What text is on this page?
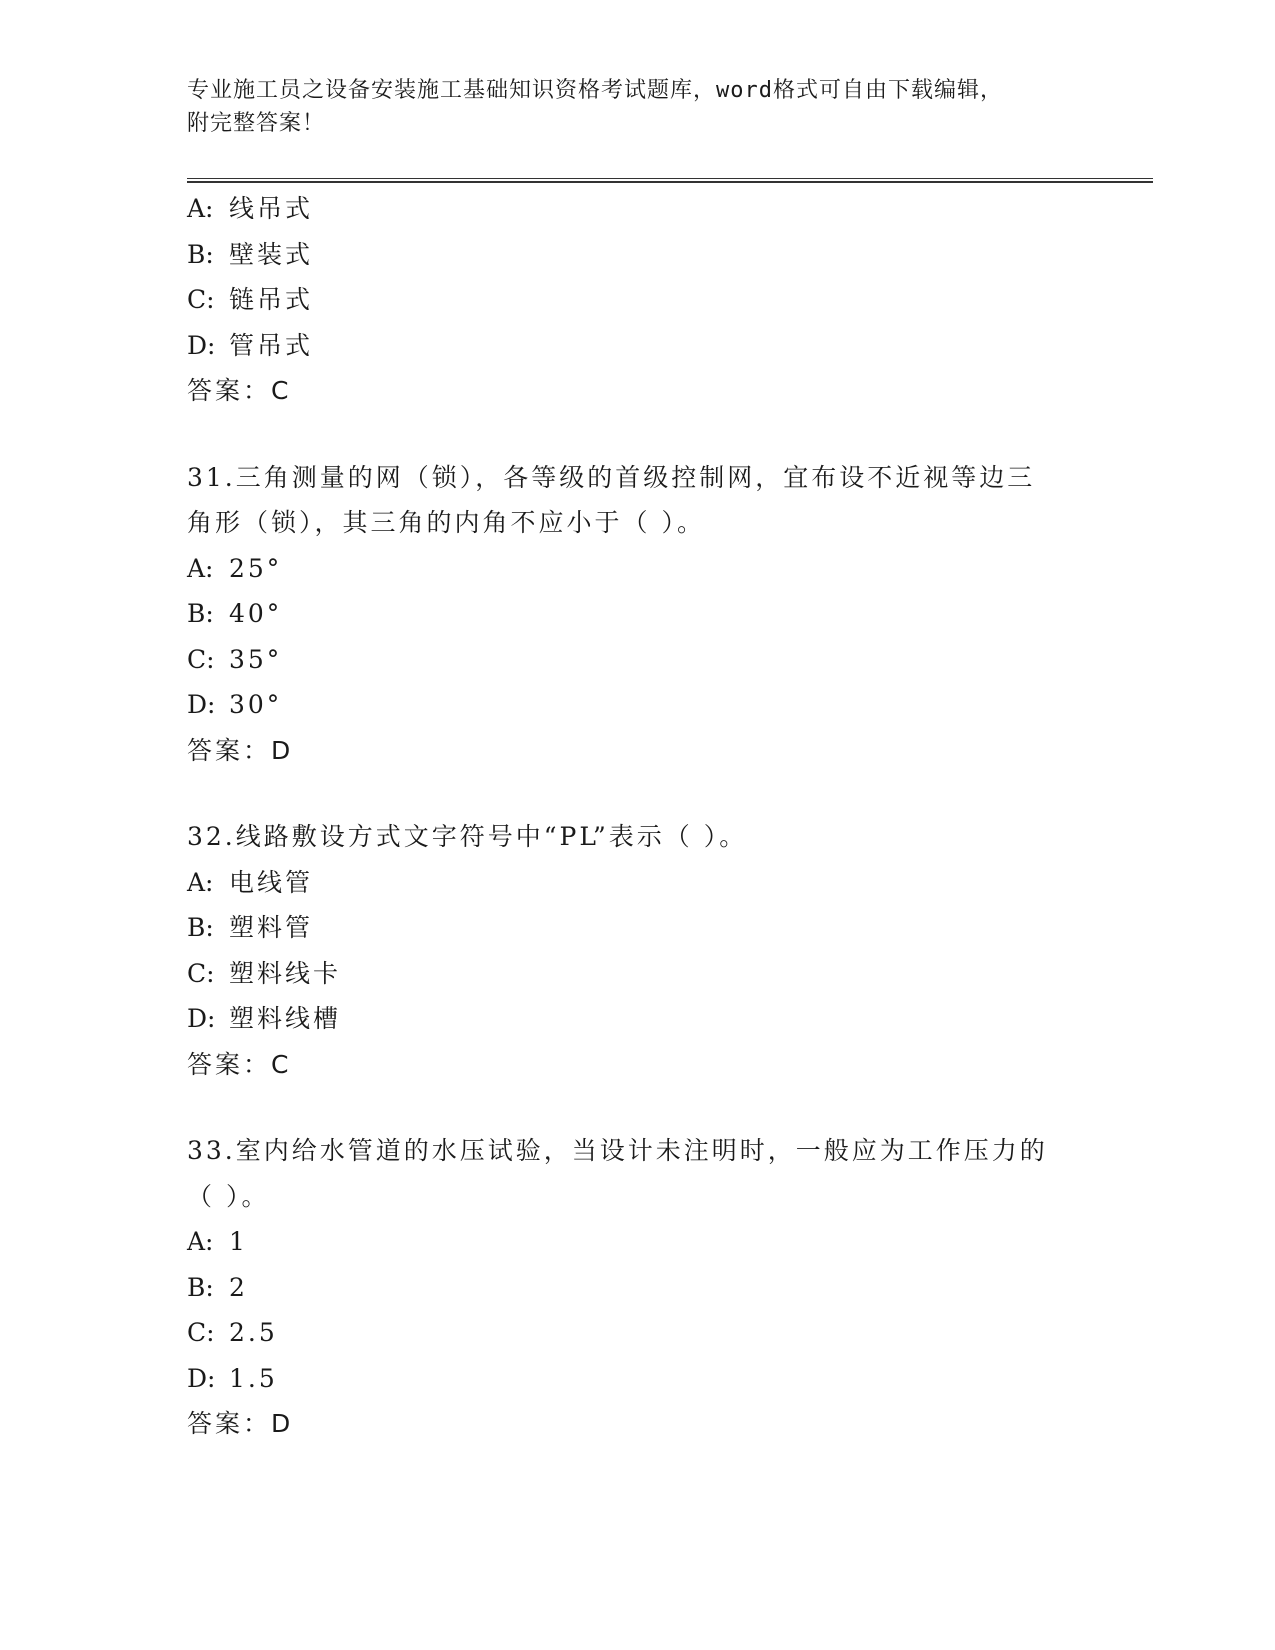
专业施工员之设备安装施工基础知识资格考试题库，word格式可自由下载编辑，
附完整答案！
A: 线吊式
B: 壁装式
C: 链吊式
D: 管吊式
答案：C
31.三角测量的网（锁），各等级的首级控制网，宜布设不近视等边三
角形（锁），其三角的内角不应小于（ ）。
A: 25°
B: 40°
C: 35°
D: 30°
答案：D
32.线路敷设方式文字符号中“PL”表示（ ）。
A: 电线管
B: 塑料管
C: 塑料线卡
D: 塑料线槽
答案：C
33.室内给水管道的水压试验，当设计未注明时，一般应为工作压力的
（ ）。
A: 1
B: 2
C: 2.5
D: 1.5
答案：D
